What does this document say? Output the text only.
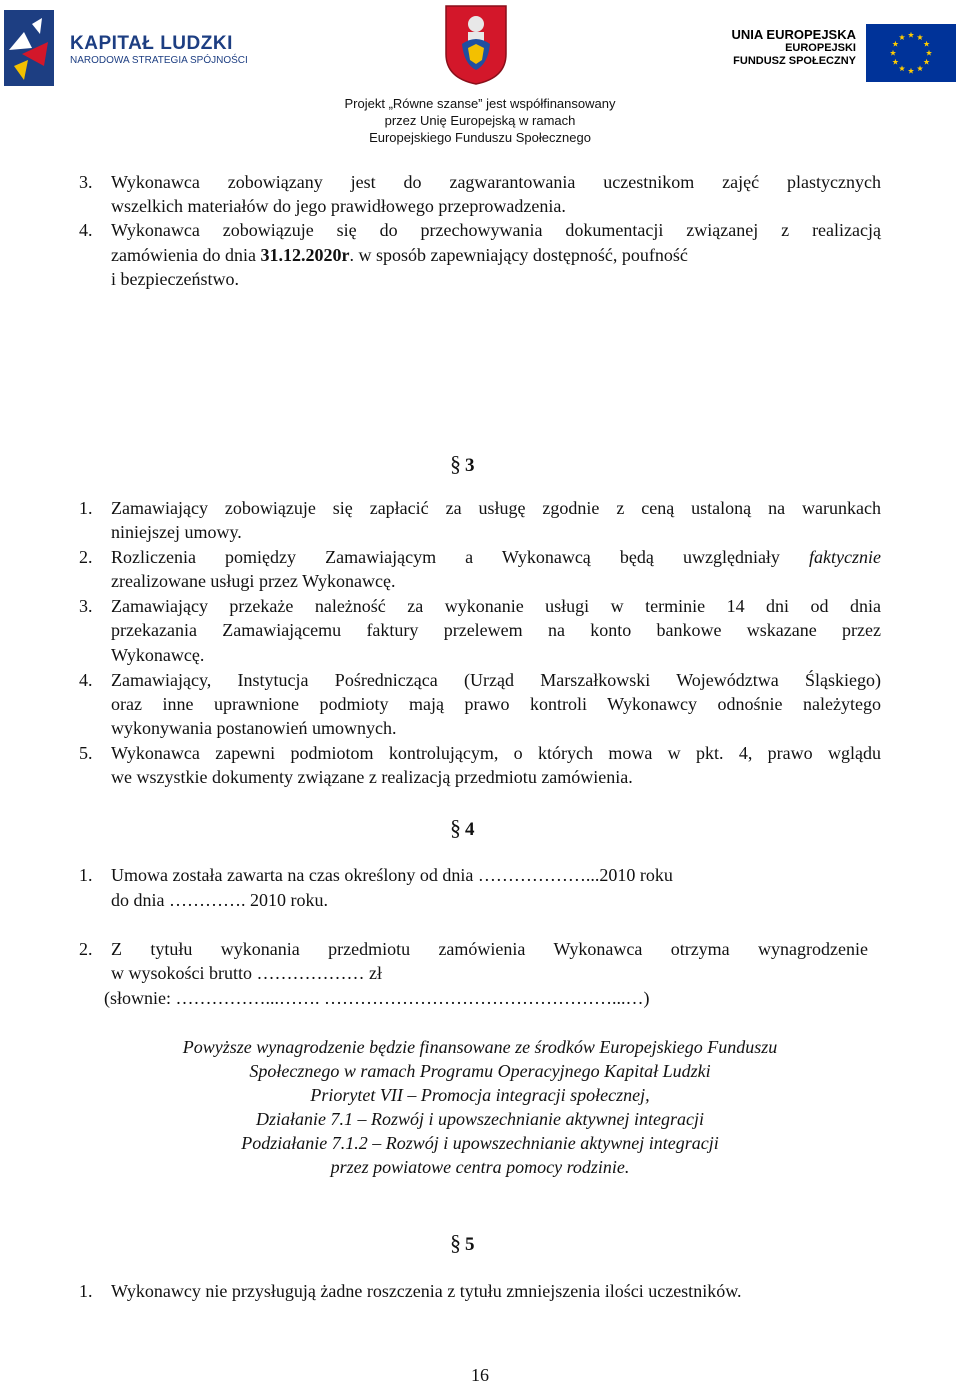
KAPITAŁ LUDZKI
NARODOWA STRATEGIA SPÓJNOŚCI
UNIA EUROPEJSKA
EUROPEJSKI
FUNDUSZ SPOŁECZNY
Projekt „Równe szanse” jest współfinansowany
przez Unię Europejską w ramach
Europejskiego Funduszu Społecznego
3. Wykonawca zobowiązany jest do zagwarantowania uczestnikom zajęć plastycznych
wszelkich materiałów do jego prawidłowego przeprowadzenia.
4. Wykonawca zobowiązuje się do przechowywania dokumentacji związanej z realizacją
zamówienia do dnia 31.12.2020r. w sposób zapewniający dostępność, poufność
i bezpieczeństwo.
§ 3
1. Zamawiający zobowiązuje się zapłacić za usługę zgodnie z ceną ustaloną na warunkach
niniejszej umowy.
2. Rozliczenia pomiędzy Zamawiającym a Wykonawcą będą uwzględniały faktycznie
zrealizowane usługi przez Wykonawcę.
3. Zamawiający przekaże należność za wykonanie usługi w terminie 14 dni od dnia
przekazania Zamawiającemu faktury przelewem na konto bankowe wskazane przez
Wykonawcę.
4. Zamawiający, Instytucja Pośrednicząca (Urząd Marszałkowski Województwa Śląskiego)
oraz inne uprawnione podmioty mają prawo kontroli Wykonawcy odnośnie należytego
wykonywania postanowień umownych.
5. Wykonawca zapewni podmiotom kontrolującym, o których mowa w pkt. 4, prawo wglądu
we wszystkie dokumenty związane z realizacją przedmiotu zamówienia.
§ 4
1. Umowa została zawarta na czas określony od dnia ………………...2010 roku
do dnia …………. 2010 roku.
2. Z tytułu wykonania przedmiotu zamówienia Wykonawca otrzyma wynagrodzenie
w wysokości brutto ……………… zł
(słownie: ……………...……. …………………………………………...…)
Powyższe wynagrodzenie będzie finansowane ze środków Europejskiego Funduszu
Społecznego w ramach Programu Operacyjnego Kapitał Ludzki
Priorytet VII – Promocja integracji społecznej,
Działanie 7.1 – Rozwój i upowszechnianie aktywnej integracji
Podziałanie 7.1.2 – Rozwój i upowszechnianie aktywnej integracji
przez powiatowe centra pomocy rodzinie.
§ 5
1. Wykonawcy nie przysługują żadne roszczenia z tytułu zmniejszenia ilości uczestników.
16
